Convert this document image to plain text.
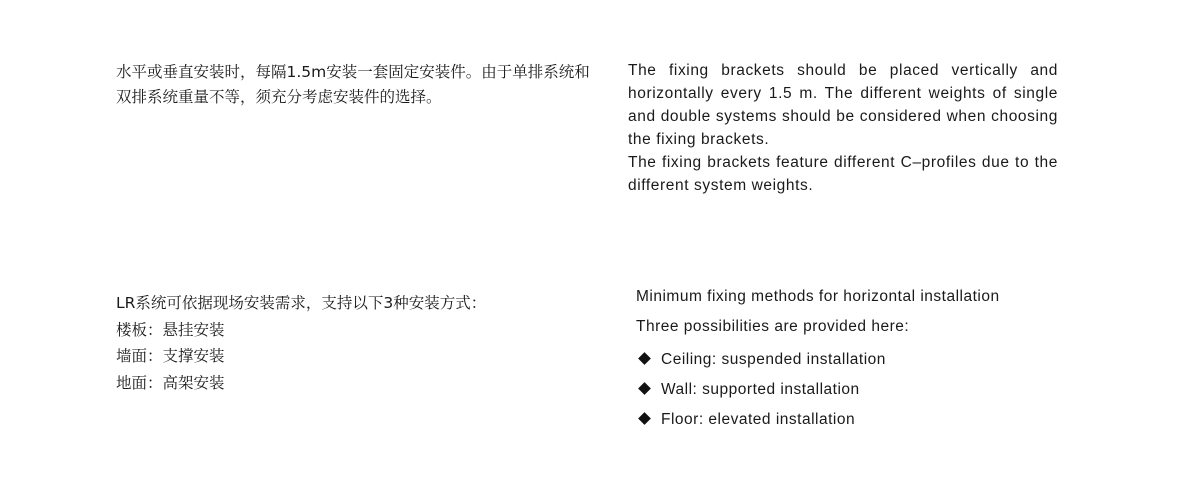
水平或垂直安装时，每隔1.5m安装一套固定安装件。由于单排系统和双排系统重量不等，须充分考虑安装件的选择。

The fixing brackets should be placed vertically and horizontally every 1.5 m. The different weights of single and double systems should be considered when choosing the fixing brackets.

The fixing brackets feature different C–profiles due to the different system weights.

LR系统可依据现场安装需求，支持以下3种安装方式：
楼板：悬挂安装
墙面：支撑安装
地面：高架安装
Minimum fixing methods for horizontal installation
Three possibilities are provided here:
Ceiling: suspended installation
Wall: supported installation
Floor: elevated installation
